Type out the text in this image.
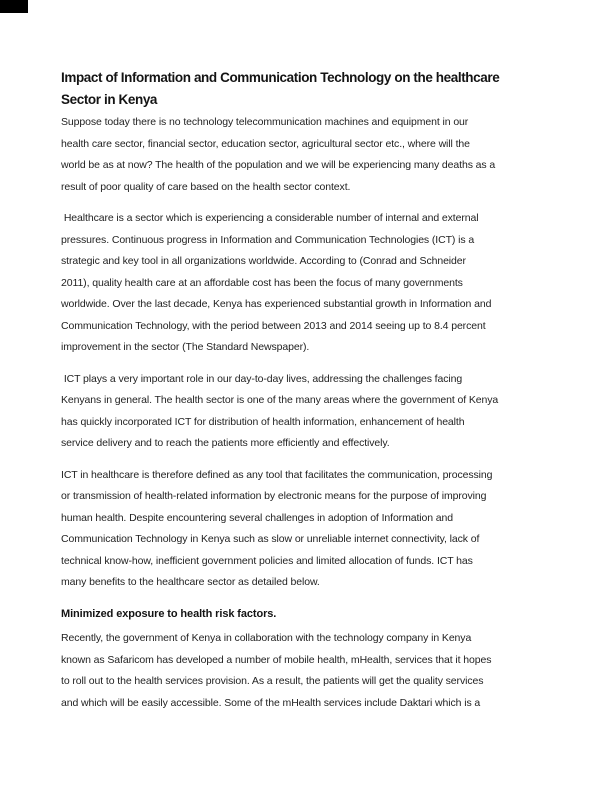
Impact of Information and Communication Technology on the healthcare
Sector in Kenya
Suppose today there is no technology telecommunication machines and equipment in our
health care sector, financial sector, education sector, agricultural sector etc., where will the
world be as at now? The health of the population and we will be experiencing many deaths as a
result of poor quality of care based on the health sector context.
Healthcare is a sector which is experiencing a considerable number of internal and external
pressures. Continuous progress in Information and Communication Technologies (ICT) is a
strategic and key tool in all organizations worldwide. According to (Conrad and Schneider
2011), quality health care at an affordable cost has been the focus of many governments
worldwide. Over the last decade, Kenya has experienced substantial growth in Information and
Communication Technology, with the period between 2013 and 2014 seeing up to 8.4 percent
improvement in the sector (The Standard Newspaper).
ICT plays a very important role in our day-to-day lives, addressing the challenges facing
Kenyans in general. The health sector is one of the many areas where the government of Kenya
has quickly incorporated ICT for distribution of health information, enhancement of health
service delivery and to reach the patients more efficiently and effectively.
ICT in healthcare is therefore defined as any tool that facilitates the communication, processing
or transmission of health-related information by electronic means for the purpose of improving
human health. Despite encountering several challenges in adoption of Information and
Communication Technology in Kenya such as slow or unreliable internet connectivity, lack of
technical know-how, inefficient government policies and limited allocation of funds. ICT has
many benefits to the healthcare sector as detailed below.
Minimized exposure to health risk factors.
Recently, the government of Kenya in collaboration with the technology company in Kenya
known as Safaricom has developed a number of mobile health, mHealth, services that it hopes
to roll out to the health services provision. As a result, the patients will get the quality services
and which will be easily accessible. Some of the mHealth services include Daktari which is a
